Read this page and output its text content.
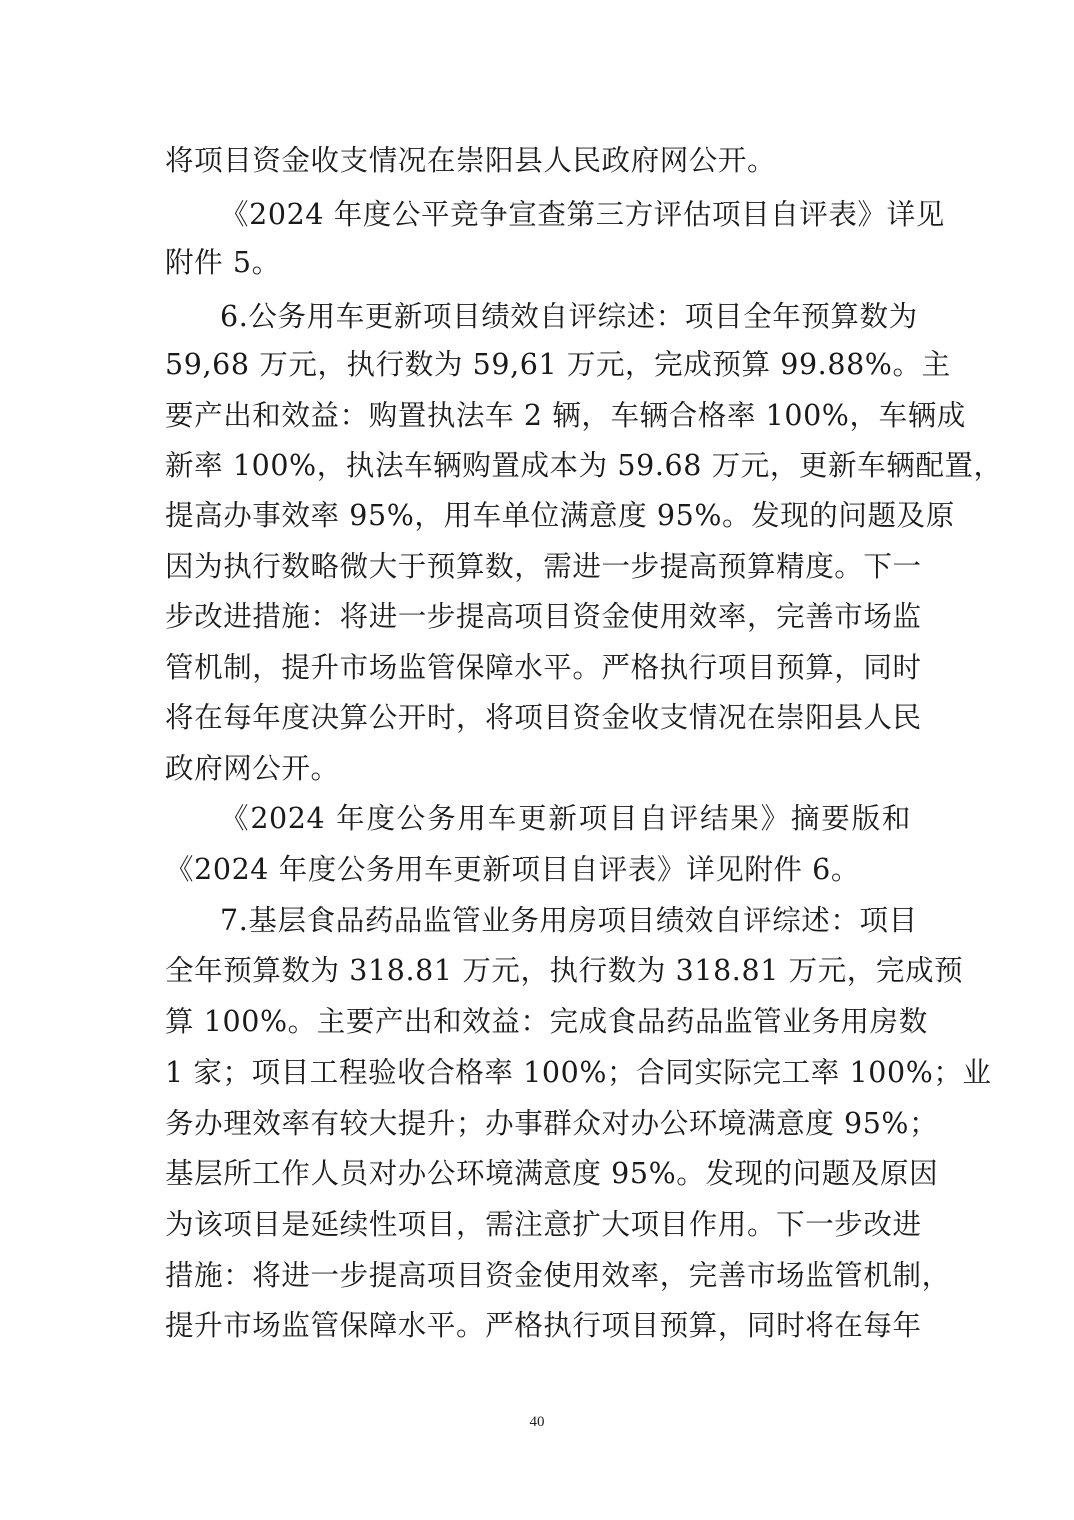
将项目资金收支情况在崇阳县人民政府网公开。
《2024 年度公平竞争宣查第三方评估项目自评表》详见
附件 5。
6.公务用车更新项目绩效自评综述：项目全年预算数为
59,68 万元，执行数为 59,61 万元，完成预算 99.88%。主
要产出和效益：购置执法车 2 辆，车辆合格率 100%，车辆成
新率 100%，执法车辆购置成本为 59.68 万元，更新车辆配置，
提高办事效率 95%，用车单位满意度 95%。发现的问题及原
因为执行数略微大于预算数，需进一步提高预算精度。下一
步改进措施：将进一步提高项目资金使用效率，完善市场监
管机制，提升市场监管保障水平。严格执行项目预算，同时
将在每年度决算公开时，将项目资金收支情况在崇阳县人民
政府网公开。
《2024 年度公务用车更新项目自评结果》摘要版和
《2024 年度公务用车更新项目自评表》详见附件 6。
7.基层食品药品监管业务用房项目绩效自评综述：项目
全年预算数为 318.81 万元，执行数为 318.81 万元，完成预
算 100%。主要产出和效益：完成食品药品监管业务用房数
1 家；项目工程验收合格率 100%；合同实际完工率 100%；业
务办理效率有较大提升；办事群众对办公环境满意度 95%；
基层所工作人员对办公环境满意度 95%。发现的问题及原因
为该项目是延续性项目，需注意扩大项目作用。下一步改进
措施：将进一步提高项目资金使用效率，完善市场监管机制，
提升市场监管保障水平。严格执行项目预算，同时将在每年
40
